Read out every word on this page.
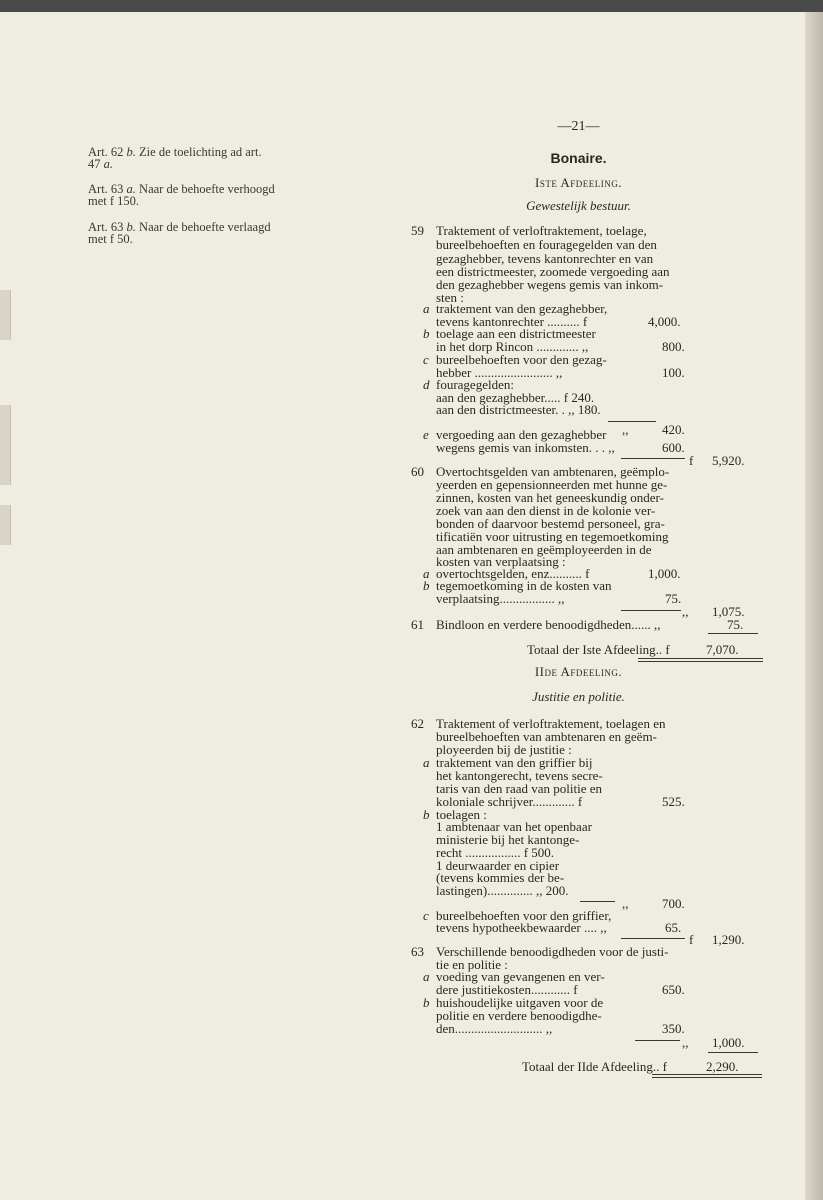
—21—
Bonaire.
Iste Afdeeling.
Gewestelijk bestuur.
IIde Afdeeling.
Justitie en politie.
Art. 62 b. Zie de toelichting ad art.
47 a.
Art. 63 a. Naar de behoefte verhoogd
met f 150.
Art. 63 b. Naar de behoefte verlaagd
met f 50.
59 Traktement of verloftraktement, toelage,
bureelbehoeften en fouragegelden van den
gezaghebber, tevens kantonrechter en van
een districtmeester, zoomede vergoeding aan
den gezaghebber wegens gemis van inkom-
sten :
a traktement van den gezaghebber,
tevens kantonrechter .......... f	4,000.
b toelage aan een districtmeester
in het dorp Rincon ............. ,,	800.
c bureelbehoeften voor den gezag-
hebber ........................ ,,	100.
d fouragegelden:
aan den gezaghebber..... f 240.
aan den districtmeester. . ,, 180.
,,	420.
e vergoeding aan den gezaghebber
wegens gemis van inkomsten. . . ,,	600.
f 5,920.
60 Overtochtsgelden van ambtenaren, geëmplo-
yeerden en gepensionneerden met hunne ge-
zinnen, kosten van het geneeskundig onder-
zoek van aan den dienst in de kolonie ver-
bonden of daarvoor bestemd personeel, gra-
tificatiën voor uitrusting en tegemoetkoming
aan ambtenaren en geëmployeerden in de
kosten van verplaatsing :
a overtochtsgelden, enz.......... f	1,000.
b tegemoetkoming in de kosten van
verplaatsing................. ,,	75.
,, 1,075.
61 Bindloon en verdere benoodigdheden...... ,,	75.
Totaal der Iste Afdeeling.. f	7,070.
62 Traktement of verloftraktement, toelagen en
bureelbehoeften van ambtenaren en geëm-
ployeerden bij de justitie :
a traktement van den griffier bij
het kantongerecht, tevens secre-
taris van den raad van politie en
koloniale schrijver............. f	525.
b toelagen :
1 ambtenaar van het openbaar
ministerie bij het kantonge-
recht ................. f 500.
1 deurwaarder en cipier
(tevens kommies der be-
lastingen).............. ,, 200.
,,	700.
c bureelbehoeften voor den griffier,
tevens hypotheekbewaarder .... ,,	65.
f 1,290.
63 Verschillende benoodigdheden voor de justi-
tie en politie :
a voeding van gevangenen en ver-
dere justitiekosten............ f	650.
b huishoudelijke uitgaven voor de
politie en verdere benoodigdhe-
den........................... ,,	350.
,, 1,000.
Totaal der IIde Afdeeling.. f	2,290.
